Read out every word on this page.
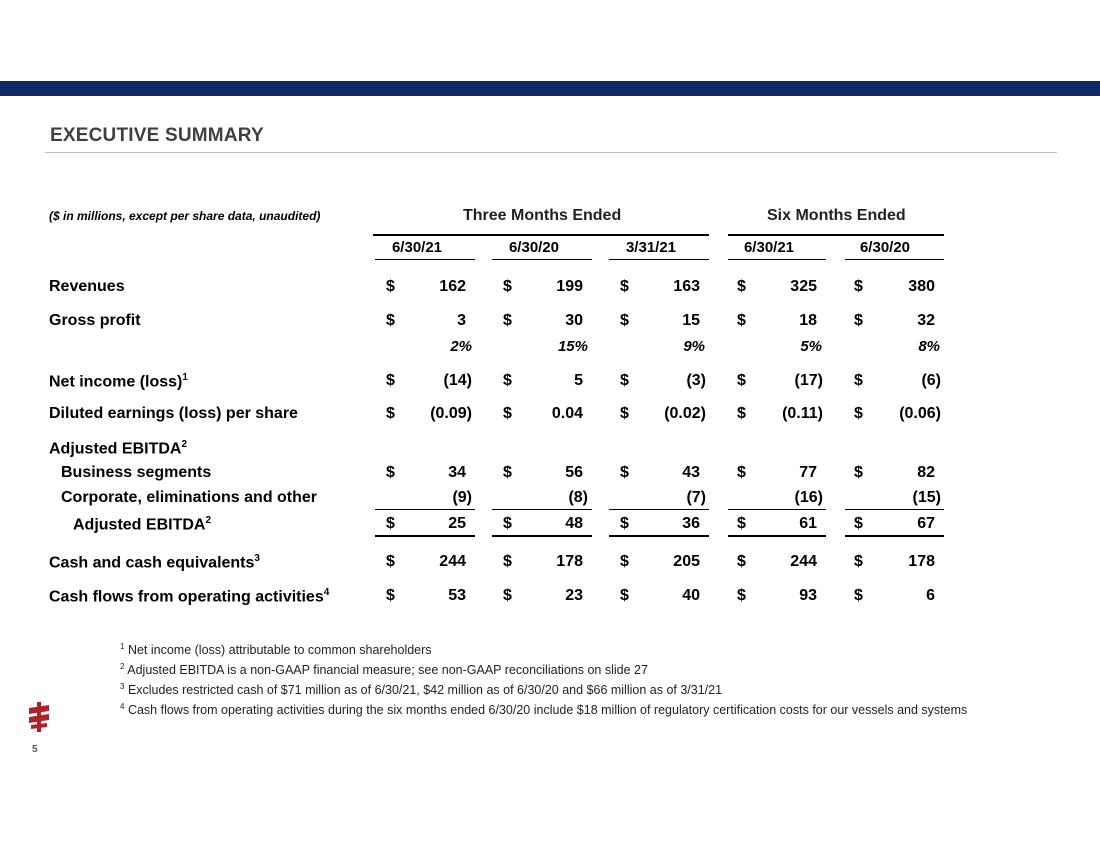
EXECUTIVE SUMMARY
($ in millions, except per share data, unaudited)	Three Months Ended	Six Months Ended
6/30/21	6/30/20	3/31/21	6/30/21	6/30/20
Revenues	$	162 $	199 $	163 $	325 $	380
Gross profit	$	3 $	30 $	15 $	18 $	32
2%	15%	9%	5%	8%
Net income (loss)$^1$	$	(14) $	5 $	(3) $	(17) $	(6)
Diluted earnings (loss) per share	$	(0.09) $	0.04 $	(0.02) $	(0.11) $	(0.06)
Adjusted EBITDA$^2$
Business segments	$	34 $	56 $	43 $	77 $	82
Corporate, eliminations and other	(9)	(8)	(7)	(16)	(15)
Adjusted EBITDA$^2$	$	25 $	48 $	36 $	61 $	67
Cash and cash equivalents$^3$	$	244 $	178 $	205 $	244 $	178
Cash flows from operating activities$^4$	$	53 $	23 $	40 $	93 $	6
$^1$ Net income (loss) attributable to common shareholders
$^2$ Adjusted EBITDA is a non-GAAP financial measure; see non-GAAP reconciliations on slide 27
$^3$ Excludes restricted cash of $71 million as of 6/30/21, $42 million as of 6/30/20 and $66 million as of 3/31/21
$^4$ Cash flows from operating activities during the six months ended 6/30/20 include $18 million of regulatory certification costs for our vessels and systems
5
